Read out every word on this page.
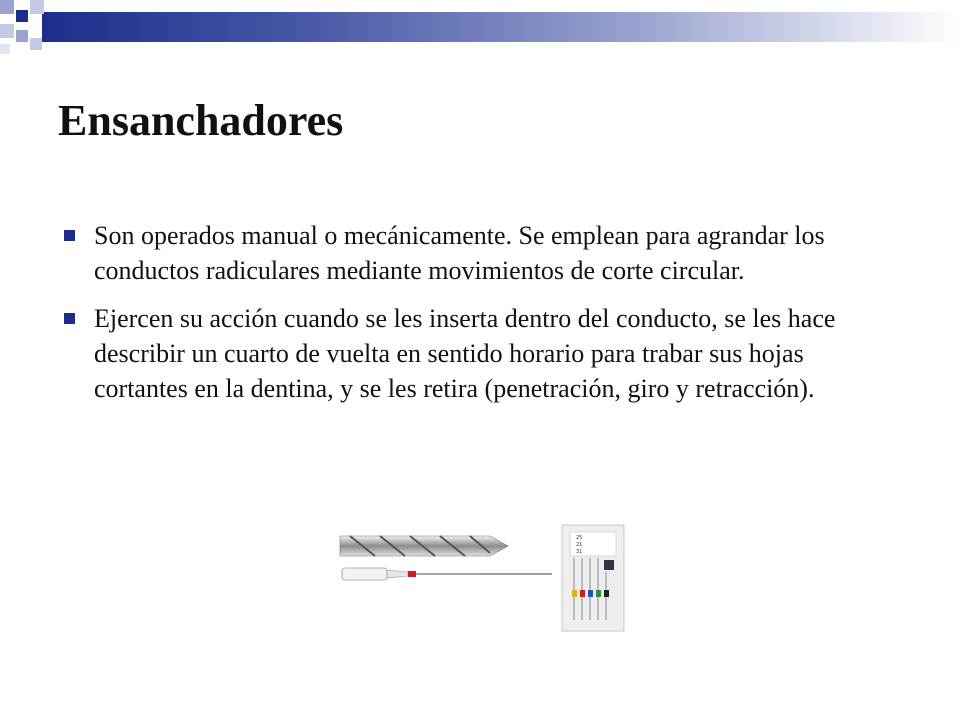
Ensanchadores
Son operados manual o mecánicamente. Se emplean para agrandar los conductos radiculares mediante movimientos de corte circular.
Ejercen su acción cuando se les inserta dentro del conducto, se les hace describir un cuarto de vuelta en sentido horario para trabar sus hojas cortantes en la dentina, y se les retira (penetración, giro y retracción).
25
21
31
